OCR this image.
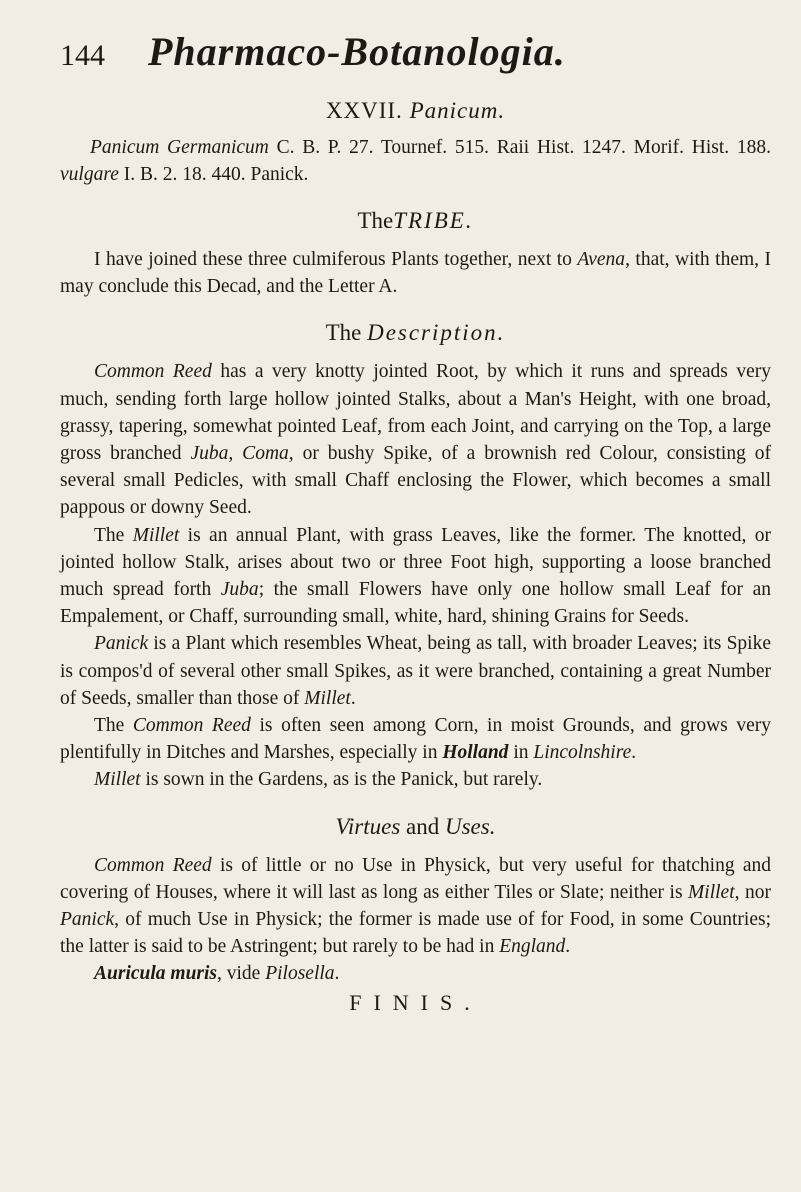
144	Pharmaco-Botanologia.
XXVII. Panicum.
Panicum Germanicum C. B. P. 27. Tournef. 515. Raii Hist. 1247. Morif. Hist. 188. vulgare I. B. 2. 18. 440. Panick.
TheTRIBE.

I have joined these three culmiferous Plants together, next to Avena, that, with them, I may conclude this Decad, and the Letter A.

The Description.

Common Reed has a very knotty jointed Root, by which it runs and spreads very much, sending forth large hollow jointed Stalks, about a Man's Height, with one broad, grassy, tapering, somewhat pointed Leaf, from each Joint, and carrying on the Top, a large gross branched Juba, Coma, or bushy Spike, of a brownish red Colour, consisting of several small Pedicles, with small Chaff enclosing the Flower, which becomes a small pappous or downy Seed.

The Millet is an annual Plant, with grass Leaves, like the former. The knotted, or jointed hollow Stalk, arises about two or three Foot high, supporting a loose branched much spread forth Juba; the small Flowers have only one hollow small Leaf for an Empalement, or Chaff, surrounding small, white, hard, shining Grains for Seeds.

Panick is a Plant which resembles Wheat, being as tall, with broader Leaves; its Spike is compos'd of several other small Spikes, as it were branched, containing a great Number of Seeds, smaller than those of Millet.

The Common Reed is often seen among Corn, in moist Grounds, and grows very plentifully in Ditches and Marshes, especially in Holland in Lincolnshire.

Millet is sown in the Gardens, as is the Panick, but rarely.

Virtues and Uses.

Common Reed is of little or no Use in Physick, but very useful for thatching and covering of Houses, where it will last as long as either Tiles or Slate; neither is Millet, nor Panick, of much Use in Physick; the former is made use of for Food, in some Countries; the latter is said to be Astringent; but rarely to be had in England.

Auricula muris, vide Pilosella.

FINIS.
